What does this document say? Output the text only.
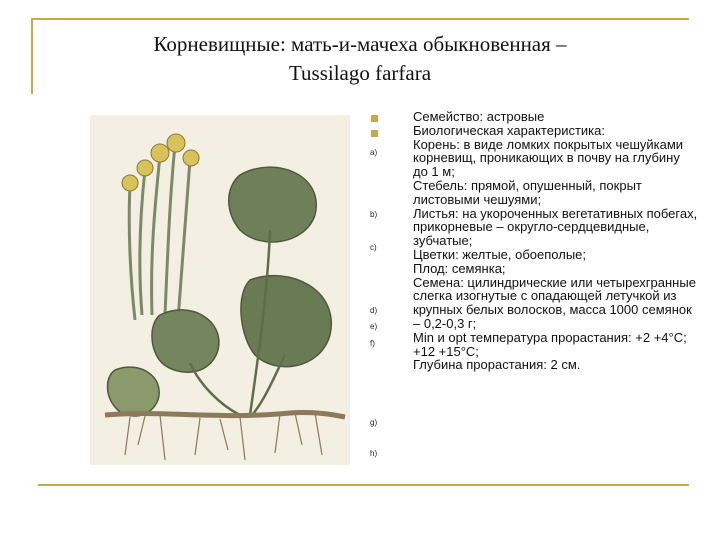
Корневищные: мать-и-мачеха обыкновенная –
Tussilago farfara
a)
b)
c)
d)
e)
f)
g)
h)

Семейство: астровые

Биологическая характеристика:

Корень: в виде ломких покрытых чешуйками корневищ, проникающих в почву на глубину до 1 м;

Стебель: прямой, опушенный, покрыт листовыми чешуями;

Листья: на укороченных вегетативных побегах, прикорневые – округло-сердцевидные, зубчатые;

Цветки: желтые, обоеполые;

Плод: семянка;

Семена: цилиндрические или четырехгранные слегка изогнутые с опадающей летучкой из крупных белых волосков, масса 1000 семянок – 0,2-0,3 г;

Min и opt температура прорастания: +2 +4°С; +12 +15°С;

Глубина прорастания: 2 см.
